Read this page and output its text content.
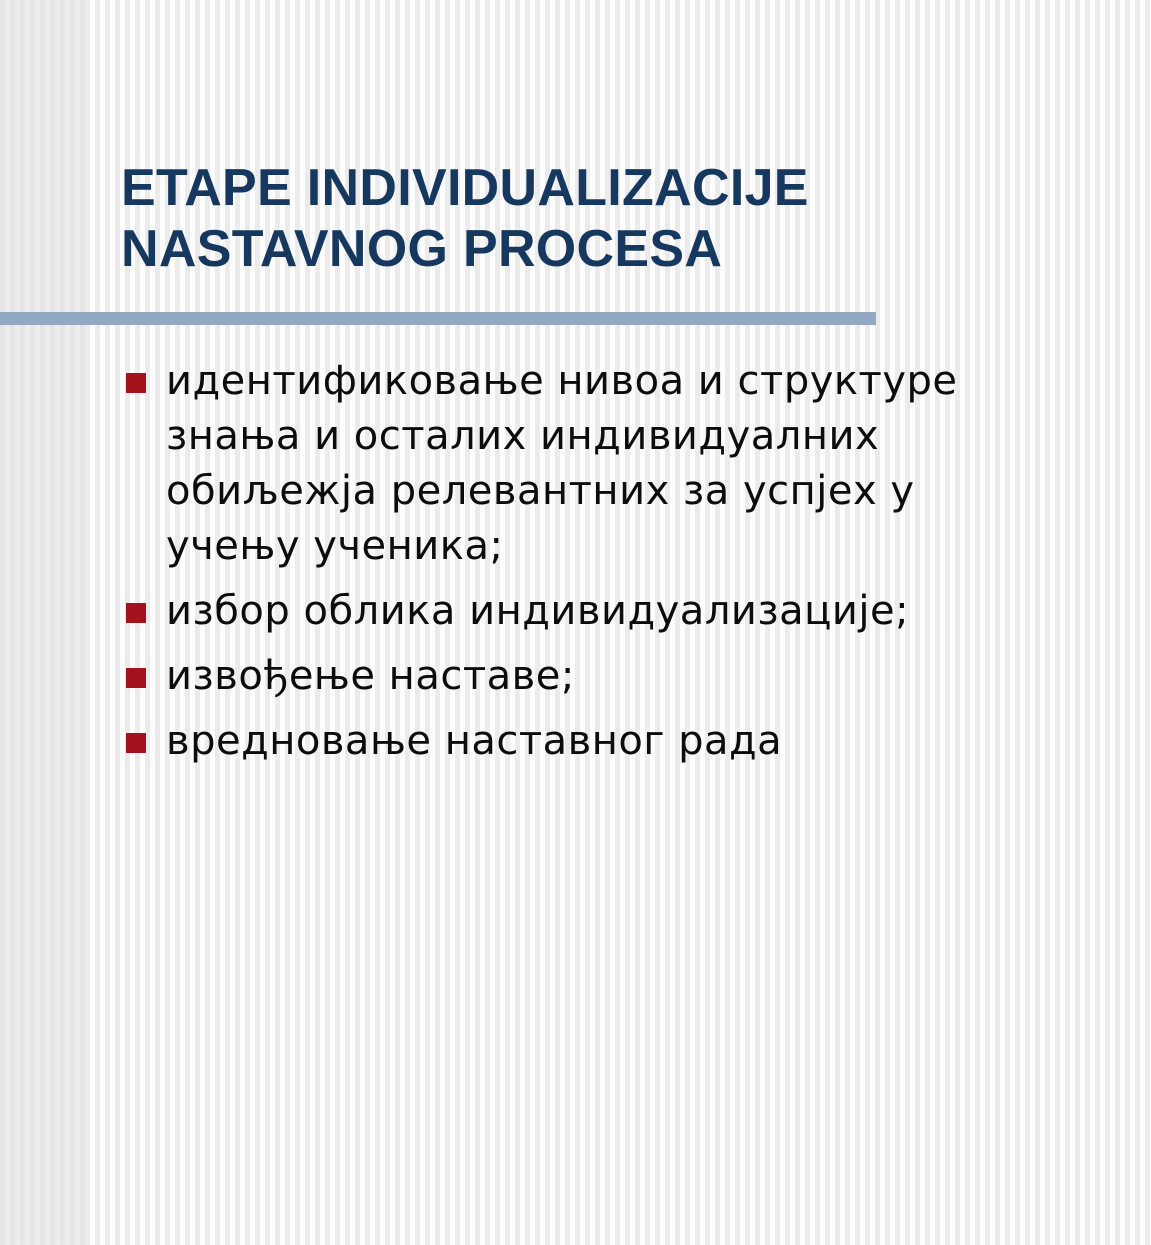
ETAPE INDIVIDUALIZACIJE
NASTAVNOG PROCESA
идентификовање нивоа и структуре
знања и осталих индивидуалних
обиљежја релевантних за успјех у
учењу ученика;
избор облика индивидуализације;
извођење наставе;
вредновање наставног рада
